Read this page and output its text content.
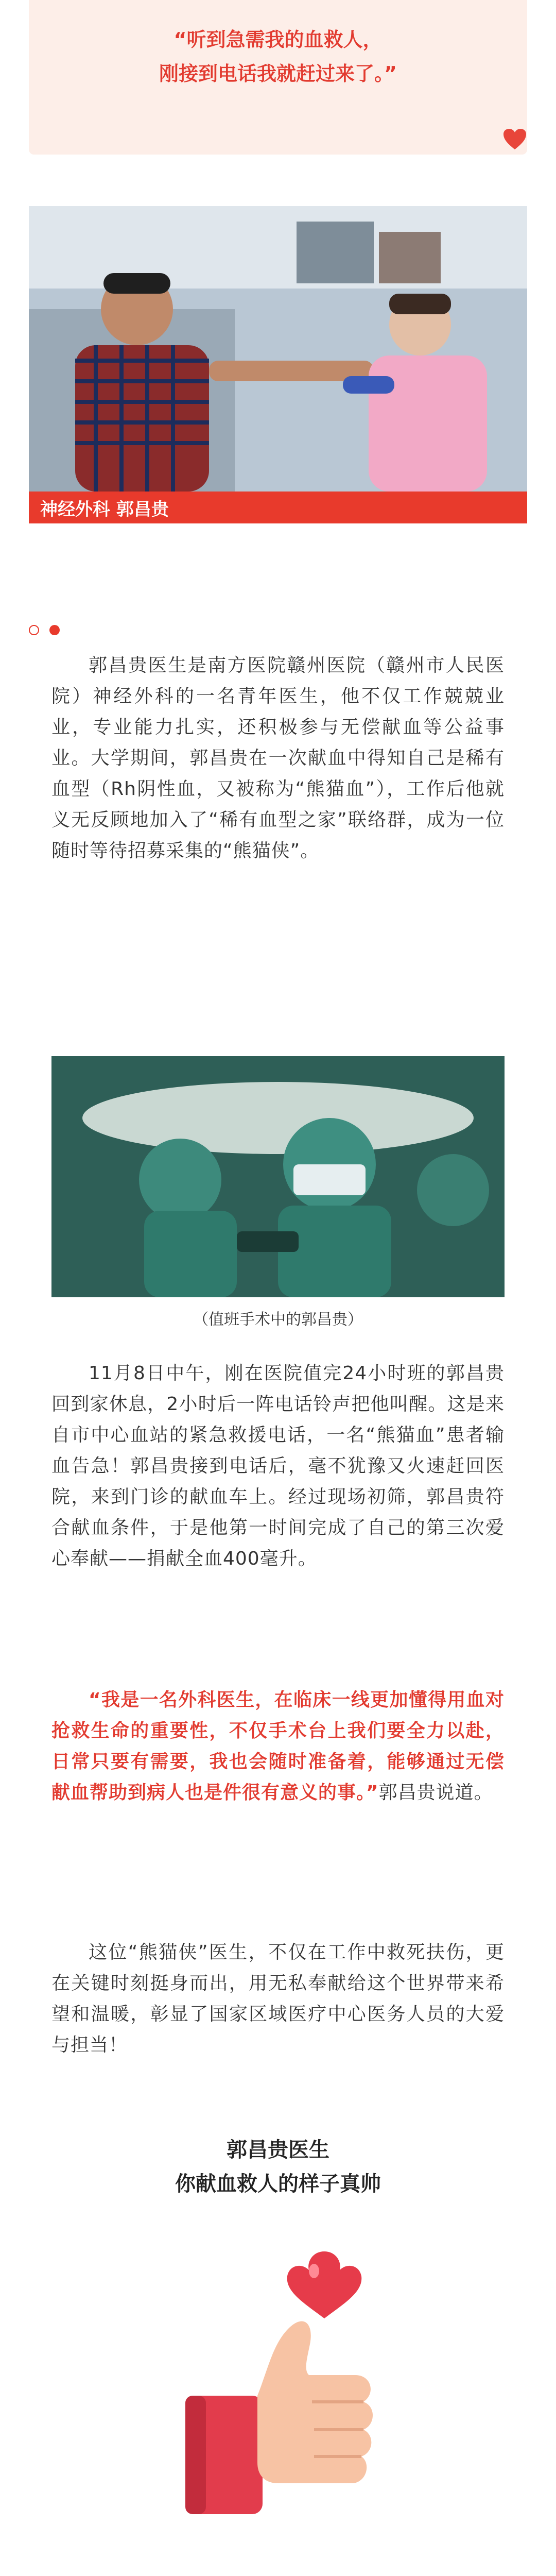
“听到急需我的血救人，
刚接到电话我就赶过来了。”
神经外科 郭昌贵
郭昌贵医生是南方医院赣州医院（赣州市人民医院）神经外科的一名青年医生，他不仅工作兢兢业业，专业能力扎实，还积极参与无偿献血等公益事业。大学期间，郭昌贵在一次献血中得知自己是稀有血型（Rh阴性血，又被称为“熊猫血”），工作后他就义无反顾地加入了“稀有血型之家”联络群，成为一位随时等待招募采集的“熊猫侠”。
（值班手术中的郭昌贵）
11月8日中午，刚在医院值完24小时班的郭昌贵回到家休息，2小时后一阵电话铃声把他叫醒。这是来自市中心血站的紧急救援电话，一名“熊猫血”患者输血告急！郭昌贵接到电话后，毫不犹豫又火速赶回医院，来到门诊的献血车上。经过现场初筛，郭昌贵符合献血条件，于是他第一时间完成了自己的第三次爱心奉献——捐献全血400毫升。
“我是一名外科医生，在临床一线更加懂得用血对抢救生命的重要性，不仅手术台上我们要全力以赴，日常只要有需要，我也会随时准备着，能够通过无偿献血帮助到病人也是件很有意义的事。”郭昌贵说道。
这位“熊猫侠”医生，不仅在工作中救死扶伤，更在关键时刻挺身而出，用无私奉献给这个世界带来希望和温暖，彰显了国家区域医疗中心医务人员的大爱与担当！
郭昌贵医生
你献血救人的样子真帅
